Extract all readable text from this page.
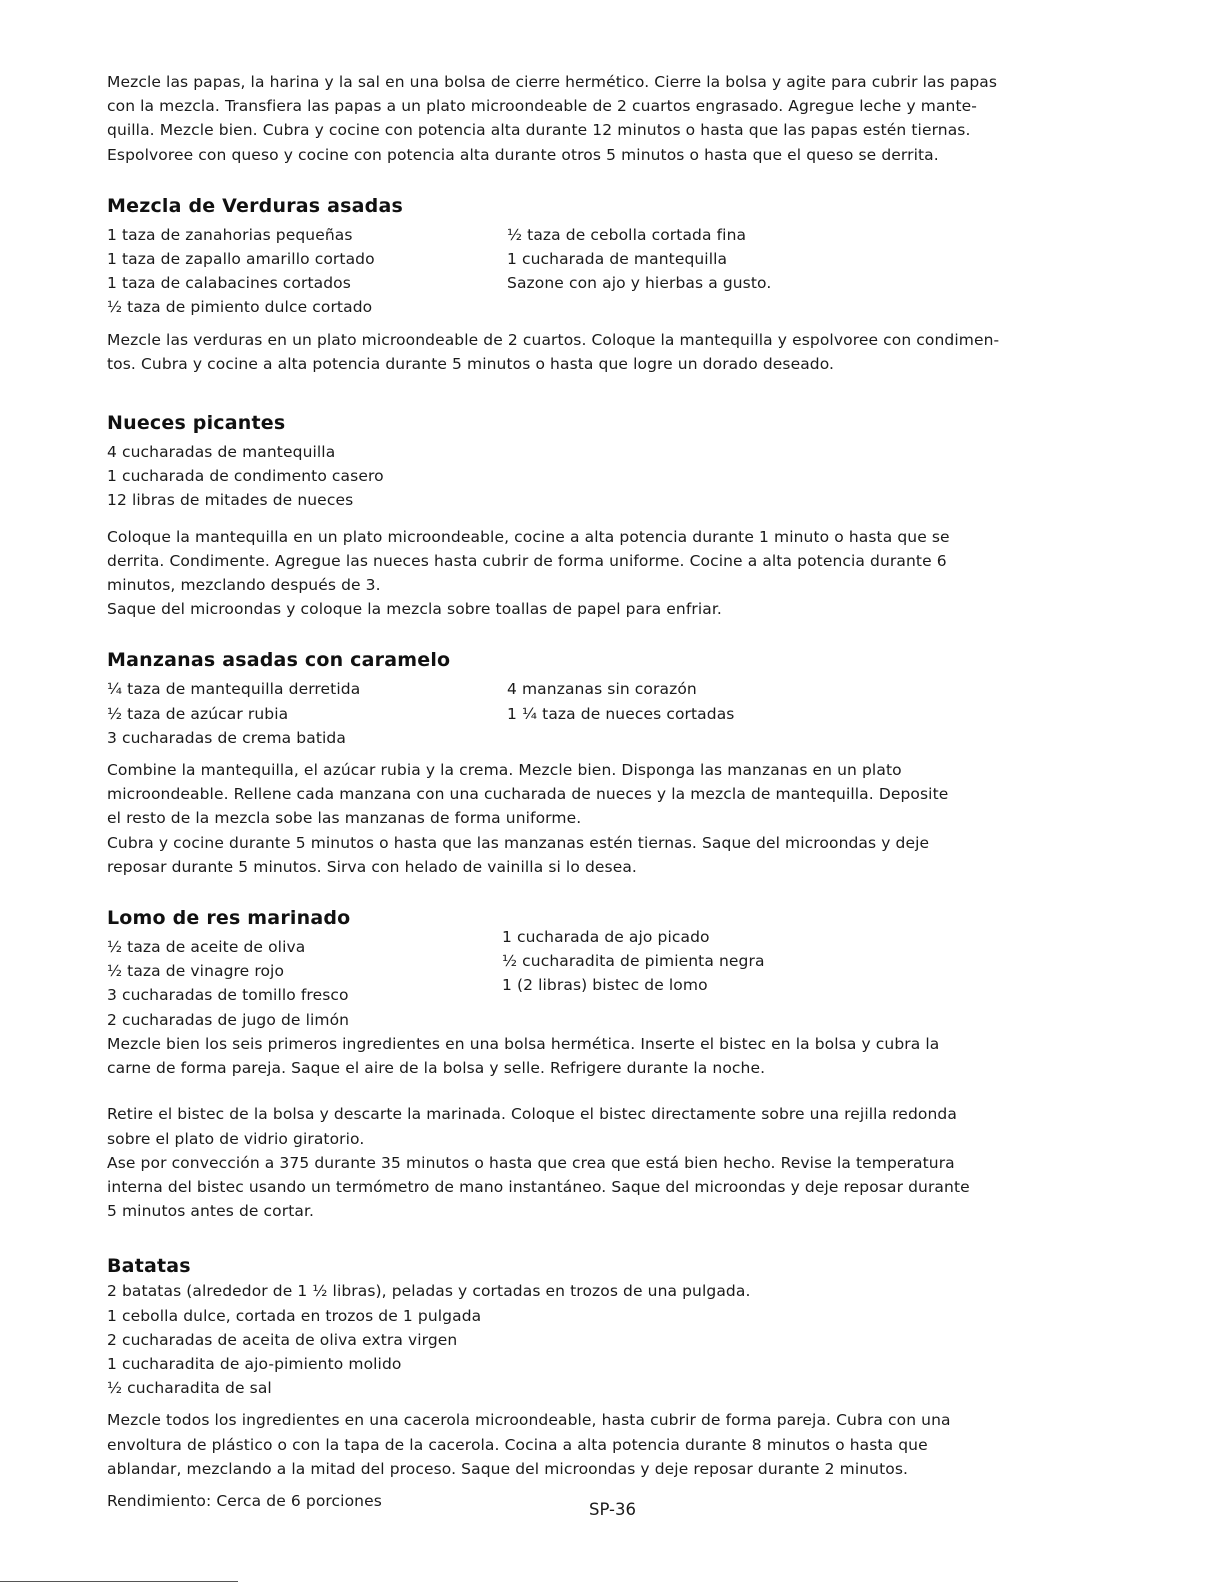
Mezcle las papas, la harina y la sal en una bolsa de cierre hermético. Cierre la bolsa y agite para cubrir las papas

con la mezcla. Transfiera las papas a un plato microondeable de 2 cuartos engrasado. Agregue leche y mante-

quilla. Mezcle bien. Cubra y cocine con potencia alta durante 12 minutos o hasta que las papas estén tiernas.

Espolvoree con queso y cocine con potencia alta durante otros 5 minutos o hasta que el queso se derrita.

Mezcla de Verduras asadas

1 taza de zanahorias pequeñas

1 taza de zapallo amarillo cortado

1 taza de calabacines cortados

½ taza de pimiento dulce cortado

½ taza de cebolla cortada fina

1 cucharada de mantequilla

Sazone con ajo y hierbas a gusto.

Mezcle las verduras en un plato microondeable de 2 cuartos. Coloque la mantequilla y espolvoree con condimen-

tos. Cubra y cocine a alta potencia durante 5 minutos o hasta que logre un dorado deseado.

Nueces picantes

4 cucharadas de mantequilla

1 cucharada de condimento casero

12 libras de mitades de nueces

Coloque la mantequilla en un plato microondeable, cocine a alta potencia durante 1 minuto o hasta que se

derrita. Condimente. Agregue las nueces hasta cubrir de forma uniforme. Cocine a alta potencia durante 6

minutos, mezclando después de 3.

Saque del microondas y coloque la mezcla sobre toallas de papel para enfriar.

Manzanas asadas con caramelo

¼ taza de mantequilla derretida

½ taza de azúcar rubia

3 cucharadas de crema batida

4 manzanas sin corazón

1 ¼ taza de nueces cortadas

Combine la mantequilla, el azúcar rubia y la crema. Mezcle bien. Disponga las manzanas en un plato

microondeable. Rellene cada manzana con una cucharada de nueces y la mezcla de mantequilla. Deposite

el resto de la mezcla sobe las manzanas de forma uniforme.

Cubra y cocine durante 5 minutos o hasta que las manzanas estén tiernas. Saque del microondas y deje

reposar durante 5 minutos. Sirva con helado de vainilla si lo desea.

Lomo de res marinado

½ taza de aceite de oliva

½ taza de vinagre rojo

3 cucharadas de tomillo fresco

2 cucharadas de jugo de limón

1 cucharada de ajo picado

½ cucharadita de pimienta negra

1 (2 libras) bistec de lomo

Mezcle bien los seis primeros ingredientes en una bolsa hermética. Inserte el bistec en la bolsa y cubra la

carne de forma pareja. Saque el aire de la bolsa y selle. Refrigere durante la noche.

Retire el bistec de la bolsa y descarte la marinada. Coloque el bistec directamente sobre una rejilla redonda

sobre el plato de vidrio giratorio.

Ase por convección a 375 durante 35 minutos o hasta que crea que está bien hecho. Revise la temperatura

interna del bistec usando un termómetro de mano instantáneo. Saque del microondas y deje reposar durante

5 minutos antes de cortar.

Batatas

2 batatas (alrededor de 1 ½ libras), peladas y cortadas en trozos de una pulgada.

1 cebolla dulce, cortada en trozos de 1 pulgada

2 cucharadas de aceita de oliva extra virgen

1 cucharadita de ajo-pimiento molido

½ cucharadita de sal

Mezcle todos los ingredientes en una cacerola microondeable, hasta cubrir de forma pareja. Cubra con una

envoltura de plástico o con la tapa de la cacerola. Cocina a alta potencia durante 8 minutos o hasta que

ablandar, mezclando a la mitad del proceso. Saque del microondas y deje reposar durante 2 minutos.

Rendimiento: Cerca de 6 porciones	SP-36
